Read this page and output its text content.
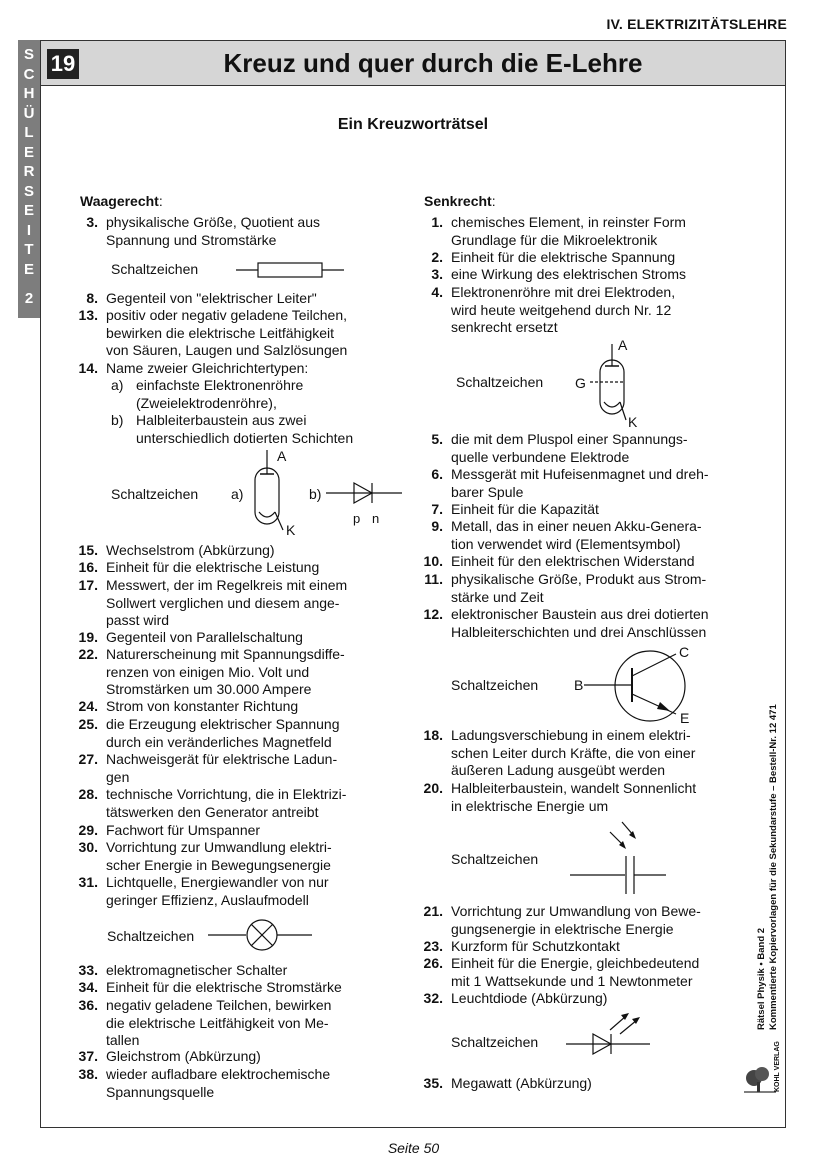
IV. ELEKTRIZITÄTSLEHRE
S
C
H
Ü
L
E
R
S
E
I
T
E
2
19	Kreuz und quer durch die E-Lehre
Ein Kreuzworträtsel
Waagerecht:	Senkrecht:
3. physikalische Größe, Quotient aus
Spannung und Stromstärke
8. Gegenteil von "elektrischer Leiter"
13. positiv oder negativ geladene Teilchen,
bewirken die elektrische Leitfähigkeit
von Säuren, Laugen und Salzlösungen
14. Name zweier Gleichrichtertypen:
15. Wechselstrom (Abkürzung)
16. Einheit für die elektrische Leistung
17. Messwert, der im Regelkreis mit einem
Sollwert verglichen und diesem ange-
passt wird
19. Gegenteil von Parallelschaltung
22. Naturerscheinung mit Spannungsdiffe-
renzen von einigen Mio. Volt und
Stromstärken um 30.000 Ampere
24. Strom von konstanter Richtung
25. die Erzeugung elektrischer Spannung
durch ein veränderliches Magnetfeld
27. Nachweisgerät für elektrische Ladun-
gen
28. technische Vorrichtung, die in Elektrizi-
tätswerken den Generator antreibt
29. Fachwort für Umspanner
30. Vorrichtung zur Umwandlung elektri-
scher Energie in Bewegungsenergie
31. Lichtquelle, Energiewandler von nur
geringer Effizienz, Auslaufmodell
33. elektromagnetischer Schalter
34. Einheit für die elektrische Stromstärke
36. negativ geladene Teilchen, bewirken
die elektrische Leitfähigkeit von Me-
tallen
37. Gleichstrom (Abkürzung)
38. wieder aufladbare elektrochemische
Spannungsquelle
1. chemisches Element, in reinster Form
Grundlage für die Mikroelektronik
2. Einheit für die elektrische Spannung
3. eine Wirkung des elektrischen Stroms
4. Elektronenröhre mit drei Elektroden,
wird heute weitgehend durch Nr. 12
senkrecht ersetzt
5. die mit dem Pluspol einer Spannungs-
quelle verbundene Elektrode
6. Messgerät mit Hufeisenmagnet und dreh-
barer Spule
7. Einheit für die Kapazität
9. Metall, das in einer neuen Akku-Genera-
tion verwendet wird (Elementsymbol)
10. Einheit für den elektrischen Widerstand
11. physikalische Größe, Produkt aus Strom-
stärke und Zeit
12. elektronischer Baustein aus drei dotierten
Halbleiterschichten und drei Anschlüssen
18. Ladungsverschiebung in einem elektri-
schen Leiter durch Kräfte, die von einer
äußeren Ladung ausgeübt werden
20. Halbleiterbaustein, wandelt Sonnenlicht
in elektrische Energie um
21. Vorrichtung zur Umwandlung von Bewe-
gungsenergie in elektrische Energie
23. Kurzform für Schutzkontakt
26. Einheit für die Energie, gleichbedeutend
mit 1 Wattsekunde und 1 Newtonmeter
32. Leuchtdiode (Abkürzung)
35. Megawatt (Abkürzung)
a) einfachste Elektronenröhre
(Zweielektrodenröhre),
b) Halbleiterbaustein aus zwei
unterschiedlich dotierten Schichten
Schaltzeichen
Schaltzeichen
Schaltzeichen
Schaltzeichen
Schaltzeichen
Schaltzeichen
Schaltzeichen
a)
A
K
b)
p n
A
G
K
B
C
E
Rätsel Physik • Band 2 Kommentierte Kopiervorlagen für die Sekundarstufe – Bestell-Nr. 12 471
KOHL VERLAG
Seite 50
